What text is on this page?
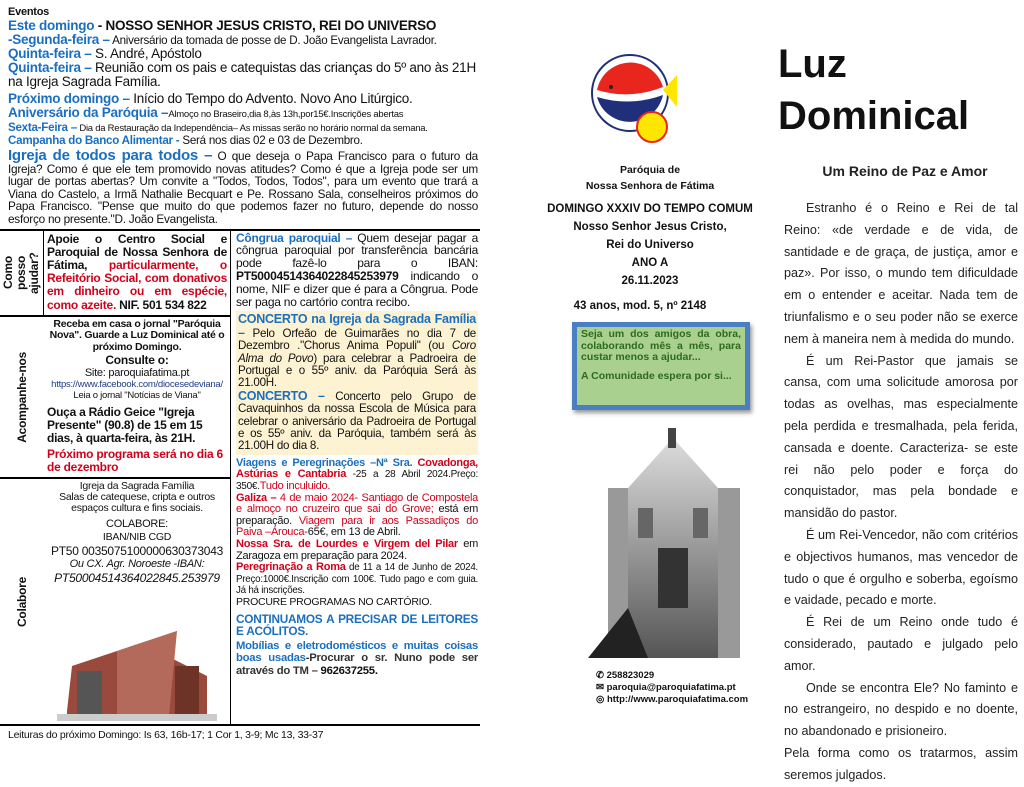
Eventos

Este domingo - NOSSO SENHOR JESUS CRISTO, REI DO UNIVERSO

-Segunda-feira – Aniversário da tomada de posse de D. João Evangelista Lavrador.

Quinta-feira – S. André, Apóstolo

Quinta-feira – Reunião com os pais e catequistas das crianças do 5º ano às 21H na Igreja Sagrada Família.

Próximo domingo – Início do Tempo do Advento. Novo Ano Litúrgico.

Aniversário da Paróquia –Almoço no Braseiro,dia 8,às 13h,por15€.Inscrições abertas

Sexta-Feira – Dia da Restauração da Independência– As missas serão no horário normal da semana.

Campanha do Banco Alimentar - Será nos dias 02 e 03 de Dezembro.

Igreja de todos para todos – O que deseja o Papa Francisco para o futuro da Igreja? Como é que ele tem promovido novas atitudes? Como é que a Igreja pode ser um lugar de portas abertas? Um convite a "Todos, Todos, Todos", para um evento que trará a Viana do Castelo, a Irmã Nathalie Becquart e Pe. Rossano Sala, conselheiros próximos do Papa Francisco. "Pense que muito do que podemos fazer no futuro, depende do nosso esforço no presente."D. João Evangelista.
Como posso ajudar?
Apoie o Centro Social e Paroquial de Nossa Senhora de Fátima, particularmente, o Refeitório Social, com donativos em dinheiro ou em espécie, como azeite. NIF. 501 534 822
Acompanhe-nos
Receba em casa o jornal "Paróquia Nova". Guarde a Luz Dominical até o próximo Domingo.
Consulte o:
Site: paroquiafatima.pt
https://www.facebook.com/diocesedeviana/
Leia o jornal "Notícias de Viana"
Ouça a Rádio Geice "Igreja Presente" (90.8) de 15 em 15 dias, à quarta-feira, às 21H.
Próximo programa será no dia 6 de dezembro
Colabore
Igreja da Sagrada Família
Salas de catequese, cripta e outros espaços cultura e fins sociais.
COLABORE:
IBAN/NIB CGD
PT50 0035075100000630373043
Ou CX. Agr. Noroeste -IBAN:
PT50004514364022845.253979
Côngrua paroquial – Quem desejar pagar a côngrua paroquial por transferência bancária pode fazê-lo para o IBAN: PT50004514364022845253979 indicando o nome, NIF e dizer que é para a Côngrua. Pode ser paga no cartório contra recibo.
CONCERTO na Igreja da Sagrada Família – Pelo Orfeão de Guimarães no dia 7 de Dezembro ."Chorus Anima Populi" (ou Coro Alma do Povo) para celebrar a Padroeira de Portugal e o 55º aniv. da Paróquia Será às 21.00H.
CONCERTO – Concerto pelo Grupo de Cavaquinhos da nossa Escola de Música para celebrar o aniversário da Padroeira de Portugal e os 55º aniv. da Paróquia, também será às 21.00H do dia 8.
Viagens e Peregrinações –Nª Sra. Covadonga, Astúrias e Cantabria -25 a 28 Abril 2024.Preço: 350€.Tudo inculuido.
Galiza – 4 de maio 2024- Santiago de Compostela e almoço no cruzeiro que sai do Grove; está em preparação. Viagem para ir aos Passadiços do Paiva –Arouca-65€, em 13 de Abril.
Nossa Sra. de Lourdes e Virgem del Pilar em Zaragoza em preparação para 2024.
Peregrinação a Roma de 11 a 14 de Junho de 2024. Preço:1000€.Inscrição com 100€. Tudo pago e com guia. Já há inscrições.
PROCURE PROGRAMAS NO CARTÓRIO.
CONTINUAMOS A PRECISAR DE LEITORES E ACÓLITOS.
Mobílias e eletrodomésticos e muitas coisas boas usadas-Procurar o sr. Nuno pode ser através do TM – 962637255.
Leituras do próximo Domingo: Is 63, 16b-17; 1 Cor 1, 3-9; Mc 13, 33-37
Paróquia de
Nossa Senhora de Fátima
DOMINGO XXXIV DO TEMPO COMUM
Nosso Senhor Jesus Cristo,
Rei do Universo
ANO A
26.11.2023
43 anos, mod. 5, nº 2148
Seja um dos amigos da obra, colaborando mês a mês, para custar menos a ajudar...
A Comunidade espera por si...
✆ 258823029
✉ paroquia@paroquiafatima.pt
◎ http://www.paroquiafatima.com
Luz
Dominical
Um Reino de Paz e Amor

Estranho é o Reino e Rei de tal Reino: «de verdade e de vida, de santidade e de graça, de justiça, amor e paz». Por isso, o mundo tem dificuldade em o entender e aceitar. Nada tem de triunfalismo e o seu poder não se exerce nem à maneira nem à medida do mundo.

É um Rei-Pastor que jamais se cansa, com uma solicitude amorosa por todas as ovelhas, mas especialmente pela perdida e tresmalhada, pela ferida, cansada e doente. Caracteriza- se este rei não pelo poder e força do conquistador, mas pela bondade e mansidão do pastor.

É um Rei-Vencedor, não com critérios e objectivos humanos, mas vencedor de tudo o que é orgulho e soberba, egoísmo e vaidade, pecado e morte.

É Rei de um Reino onde tudo é considerado, pautado e julgado pelo amor.

Onde se encontra Ele? No faminto e no estrangeiro, no despido e no doente, no abandonado e prisioneiro.

Pela forma como os tratarmos, assim seremos julgados.
